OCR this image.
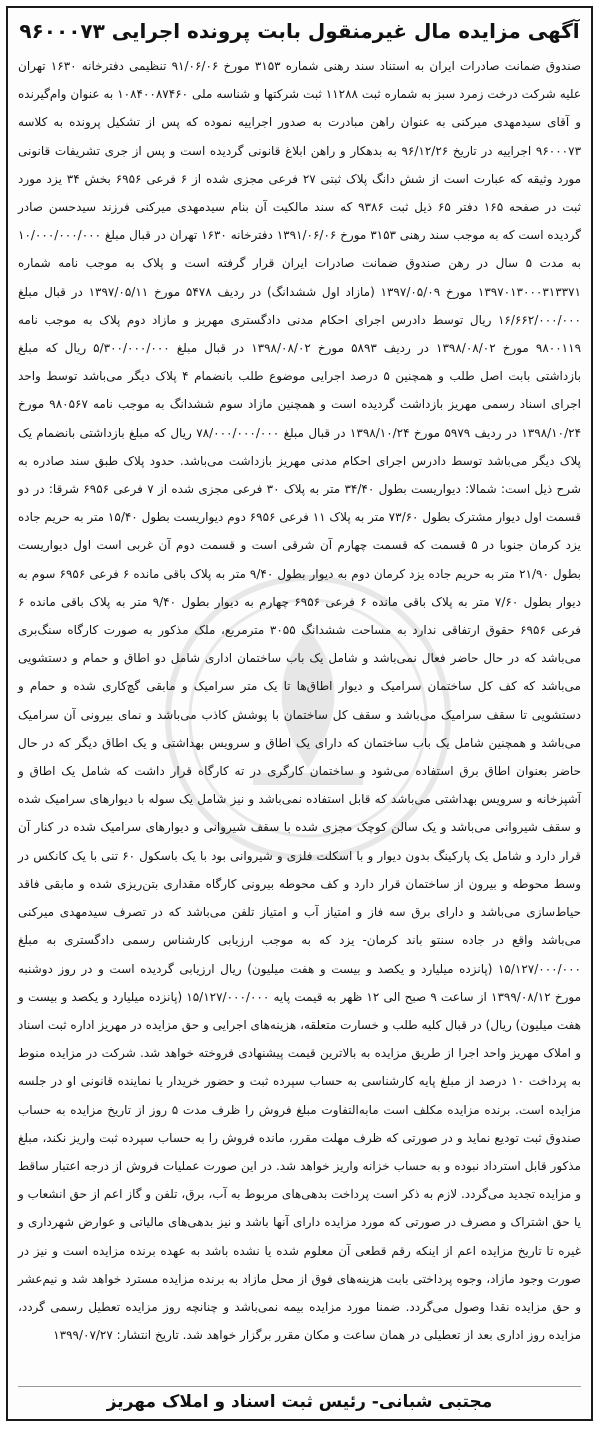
آگهی مزایده مال غیرمنقول بابت پرونده اجرایی ۹۶۰۰۰۷۳

صندوق ضمانت صادرات ایران به استناد سند رهنی شماره ۳۱۵۳ مورخ ۹۱/۰۶/۰۶ تنظیمی دفترخانه ۱۶۳۰ تهران علیه شرکت درخت زمرد سبز به شماره ثبت ۱۱۲۸۸ ثبت شرکتها و شناسه ملی ۱۰۸۴۰۰۸۷۴۶۰ به عنوان وام‌گیرنده و آقای سیدمهدی میرکنی به عنوان راهن مبادرت به صدور اجراییه نموده که پس از تشکیل پرونده به کلاسه ۹۶۰۰۰۷۳ اجراییه در تاریخ ۹۶/۱۲/۲۶ به بدهکار و راهن ابلاغ قانونی گردیده است و پس از جری تشریفات قانونی مورد وثیقه که عبارت است از شش دانگ پلاک ثبتی ۲۷ فرعی مجزی شده از ۶ فرعی ۶۹۵۶ بخش ۳۴ یزد مورد ثبت در صفحه ۱۶۵ دفتر ۶۵ ذیل ثبت ۹۳۸۶ که سند مالکیت آن بنام سیدمهدی میرکنی فرزند سیدحسن صادر گردیده است که به موجب سند رهنی ۳۱۵۳ مورخ ۱۳۹۱/۰۶/۰۶ دفترخانه ۱۶۳۰ تهران در قبال مبلغ ۱۰/۰۰۰/۰۰۰/۰۰۰ به مدت ۵ سال در رهن صندوق ضمانت صادرات ایران قرار گرفته است و پلاک به موجب نامه شماره ۱۳۹۷۰۱۳۰۰۰۳۱۳۳۷۱ مورخ ۱۳۹۷/۰۵/۰۹ (مازاد اول ششدانگ) در ردیف ۵۴۷۸ مورخ ۱۳۹۷/۰۵/۱۱ در قبال مبلغ ۱۶/۶۶۲/۰۰۰/۰۰۰ ریال توسط دادرس اجرای احکام مدنی دادگستری مهریز و مازاد دوم پلاک به موجب نامه ۹۸۰۰۱۱۹ مورخ ۱۳۹۸/۰۸/۰۲ در ردیف ۵۸۹۳ مورخ ۱۳۹۸/۰۸/۰۲ در قبال مبلغ ۵/۳۰۰/۰۰۰/۰۰۰ ریال که مبلغ بازداشتی بابت اصل طلب و همچنین ۵ درصد اجرایی موضوع طلب بانضمام ۴ پلاک دیگر می‌باشد توسط واحد اجرای اسناد رسمی مهریز بازداشت گردیده است و همچنین مازاد سوم ششدانگ به موجب نامه ۹۸۰۵۶۷ مورخ ۱۳۹۸/۱۰/۲۴ در ردیف ۵۹۷۹ مورخ ۱۳۹۸/۱۰/۲۴ در قبال مبلغ ۷۸/۰۰۰/۰۰۰/۰۰۰ ریال که مبلغ بازداشتی بانضمام یک پلاک دیگر می‌باشد توسط دادرس اجرای احکام مدنی مهریز بازداشت می‌باشد. حدود پلاک طبق سند صادره به شرح ذیل است: شمالا: دیواریست بطول ۳۴/۴۰ متر به پلاک ۳۰ فرعی مجزی شده از ۷ فرعی ۶۹۵۶ شرقا: در دو قسمت اول دیوار مشترک بطول ۷۳/۶۰ متر به پلاک ۱۱ فرعی ۶۹۵۶ دوم دیواریست بطول ۱۵/۴۰ متر به حریم جاده یزد کرمان جنوبا در ۵ قسمت که قسمت چهارم آن شرقی است و قسمت دوم آن غربی است اول دیواریست بطول ۲۱/۹۰ متر به حریم جاده یزد کرمان دوم به دیوار بطول ۹/۴۰ متر به پلاک باقی مانده ۶ فرعی ۶۹۵۶ سوم به دیوار بطول ۷/۶۰ متر به پلاک باقی مانده ۶ فرعی ۶۹۵۶ چهارم به دیوار بطول ۹/۴۰ متر به پلاک باقی مانده ۶ فرعی ۶۹۵۶ حقوق ارتفاقی ندارد به مساحت ششدانگ ۳۰۵۵ مترمربع، ملک مذکور به صورت کارگاه سنگ‌بری می‌باشد که در حال حاضر فعال نمی‌باشد و شامل یک باب ساختمان اداری شامل دو اطاق و حمام و دستشویی می‌باشد که کف کل ساختمان سرامیک و دیوار اطاق‌ها تا یک متر سرامیک و مابقی گچ‌کاری شده و حمام و دستشویی تا سقف سرامیک می‌باشد و سقف کل ساختمان با پوشش کاذب می‌باشد و نمای بیرونی آن سرامیک می‌باشد و همچنین شامل یک باب ساختمان که دارای یک اطاق و سرویس بهداشتی و یک اطاق دیگر که در حال حاضر بعنوان اطاق برق استفاده می‌شود و ساختمان کارگری در ته کارگاه قرار داشت که شامل یک اطاق و آشپزخانه و سرویس بهداشتی می‌باشد که قابل استفاده نمی‌باشد و نیز شامل یک سوله با دیوارهای سرامیک شده و سقف شیروانی می‌باشد و یک سالن کوچک مجزی شده با سقف شیروانی و دیوارهای سرامیک شده در کنار آن قرار دارد و شامل یک پارکینگ بدون دیوار و با اسکلت فلزی و شیروانی بود با یک باسکول ۶۰ تنی با یک کانکس در وسط محوطه و بیرون از ساختمان قرار دارد و کف محوطه بیرونی کارگاه مقداری بتن‌ریزی شده و مابقی فاقد حیاط‌سازی می‌باشد و دارای برق سه فاز و امتیاز آب و امتیاز تلفن می‌باشد که در تصرف سیدمهدی میرکنی می‌باشد واقع در جاده سنتو باند کرمان- یزد که به موجب ارزیابی کارشناس رسمی دادگستری به مبلغ ۱۵/۱۲۷/۰۰۰/۰۰۰ (پانزده میلیارد و یکصد و بیست و هفت میلیون) ریال ارزیابی گردیده است و در روز دوشنبه مورخ ۱۳۹۹/۰۸/۱۲ از ساعت ۹ صبح الی ۱۲ ظهر به قیمت پایه ۱۵/۱۲۷/۰۰۰/۰۰۰ (پانزده میلیارد و یکصد و بیست و هفت میلیون) ریال) در قبال کلیه طلب و خسارت متعلقه، هزینه‌های اجرایی و حق مزایده در مهریز اداره ثبت اسناد و املاک مهریز واحد اجرا از طریق مزایده به بالاترین قیمت پیشنهادی فروخته خواهد شد. شرکت در مزایده منوط به پرداخت ۱۰ درصد از مبلغ پایه کارشناسی به حساب سپرده ثبت و حضور خریدار یا نماینده قانونی او در جلسه مزایده است. برنده مزایده مکلف است مابه‌التفاوت مبلغ فروش را ظرف مدت ۵ روز از تاریخ مزایده به حساب صندوق ثبت تودیع نماید و در صورتی که ظرف مهلت مقرر، مانده فروش را به حساب سپرده ثبت واریز نکند، مبلغ مذکور قابل استرداد نبوده و به حساب خزانه واریز خواهد شد. در این صورت عملیات فروش از درجه اعتبار ساقط و مزایده تجدید می‌گردد. لازم به ذکر است پرداخت بدهی‌های مربوط به آب، برق، تلفن و گاز اعم از حق انشعاب و یا حق اشتراک و مصرف در صورتی که مورد مزایده دارای آنها باشد و نیز بدهی‌های مالیاتی و عوارض شهرداری و غیره تا تاریخ مزایده اعم از اینکه رقم قطعی آن معلوم شده یا نشده باشد به عهده برنده مزایده است و نیز در صورت وجود مازاد، وجوه پرداختی بابت هزینه‌های فوق از محل مازاد به برنده مزایده مسترد خواهد شد و نیم‌عشر و حق مزایده نقدا وصول می‌گردد. ضمنا مورد مزایده بیمه نمی‌باشد و چنانچه روز مزایده تعطیل رسمی گردد، مزایده روز اداری بعد از تعطیلی در همان ساعت و مکان مقرر برگزار خواهد شد. تاریخ انتشار: ۱۳۹۹/۰۷/۲۷

مجتبی شبانی- رئیس ثبت اسناد و املاک مهریز
